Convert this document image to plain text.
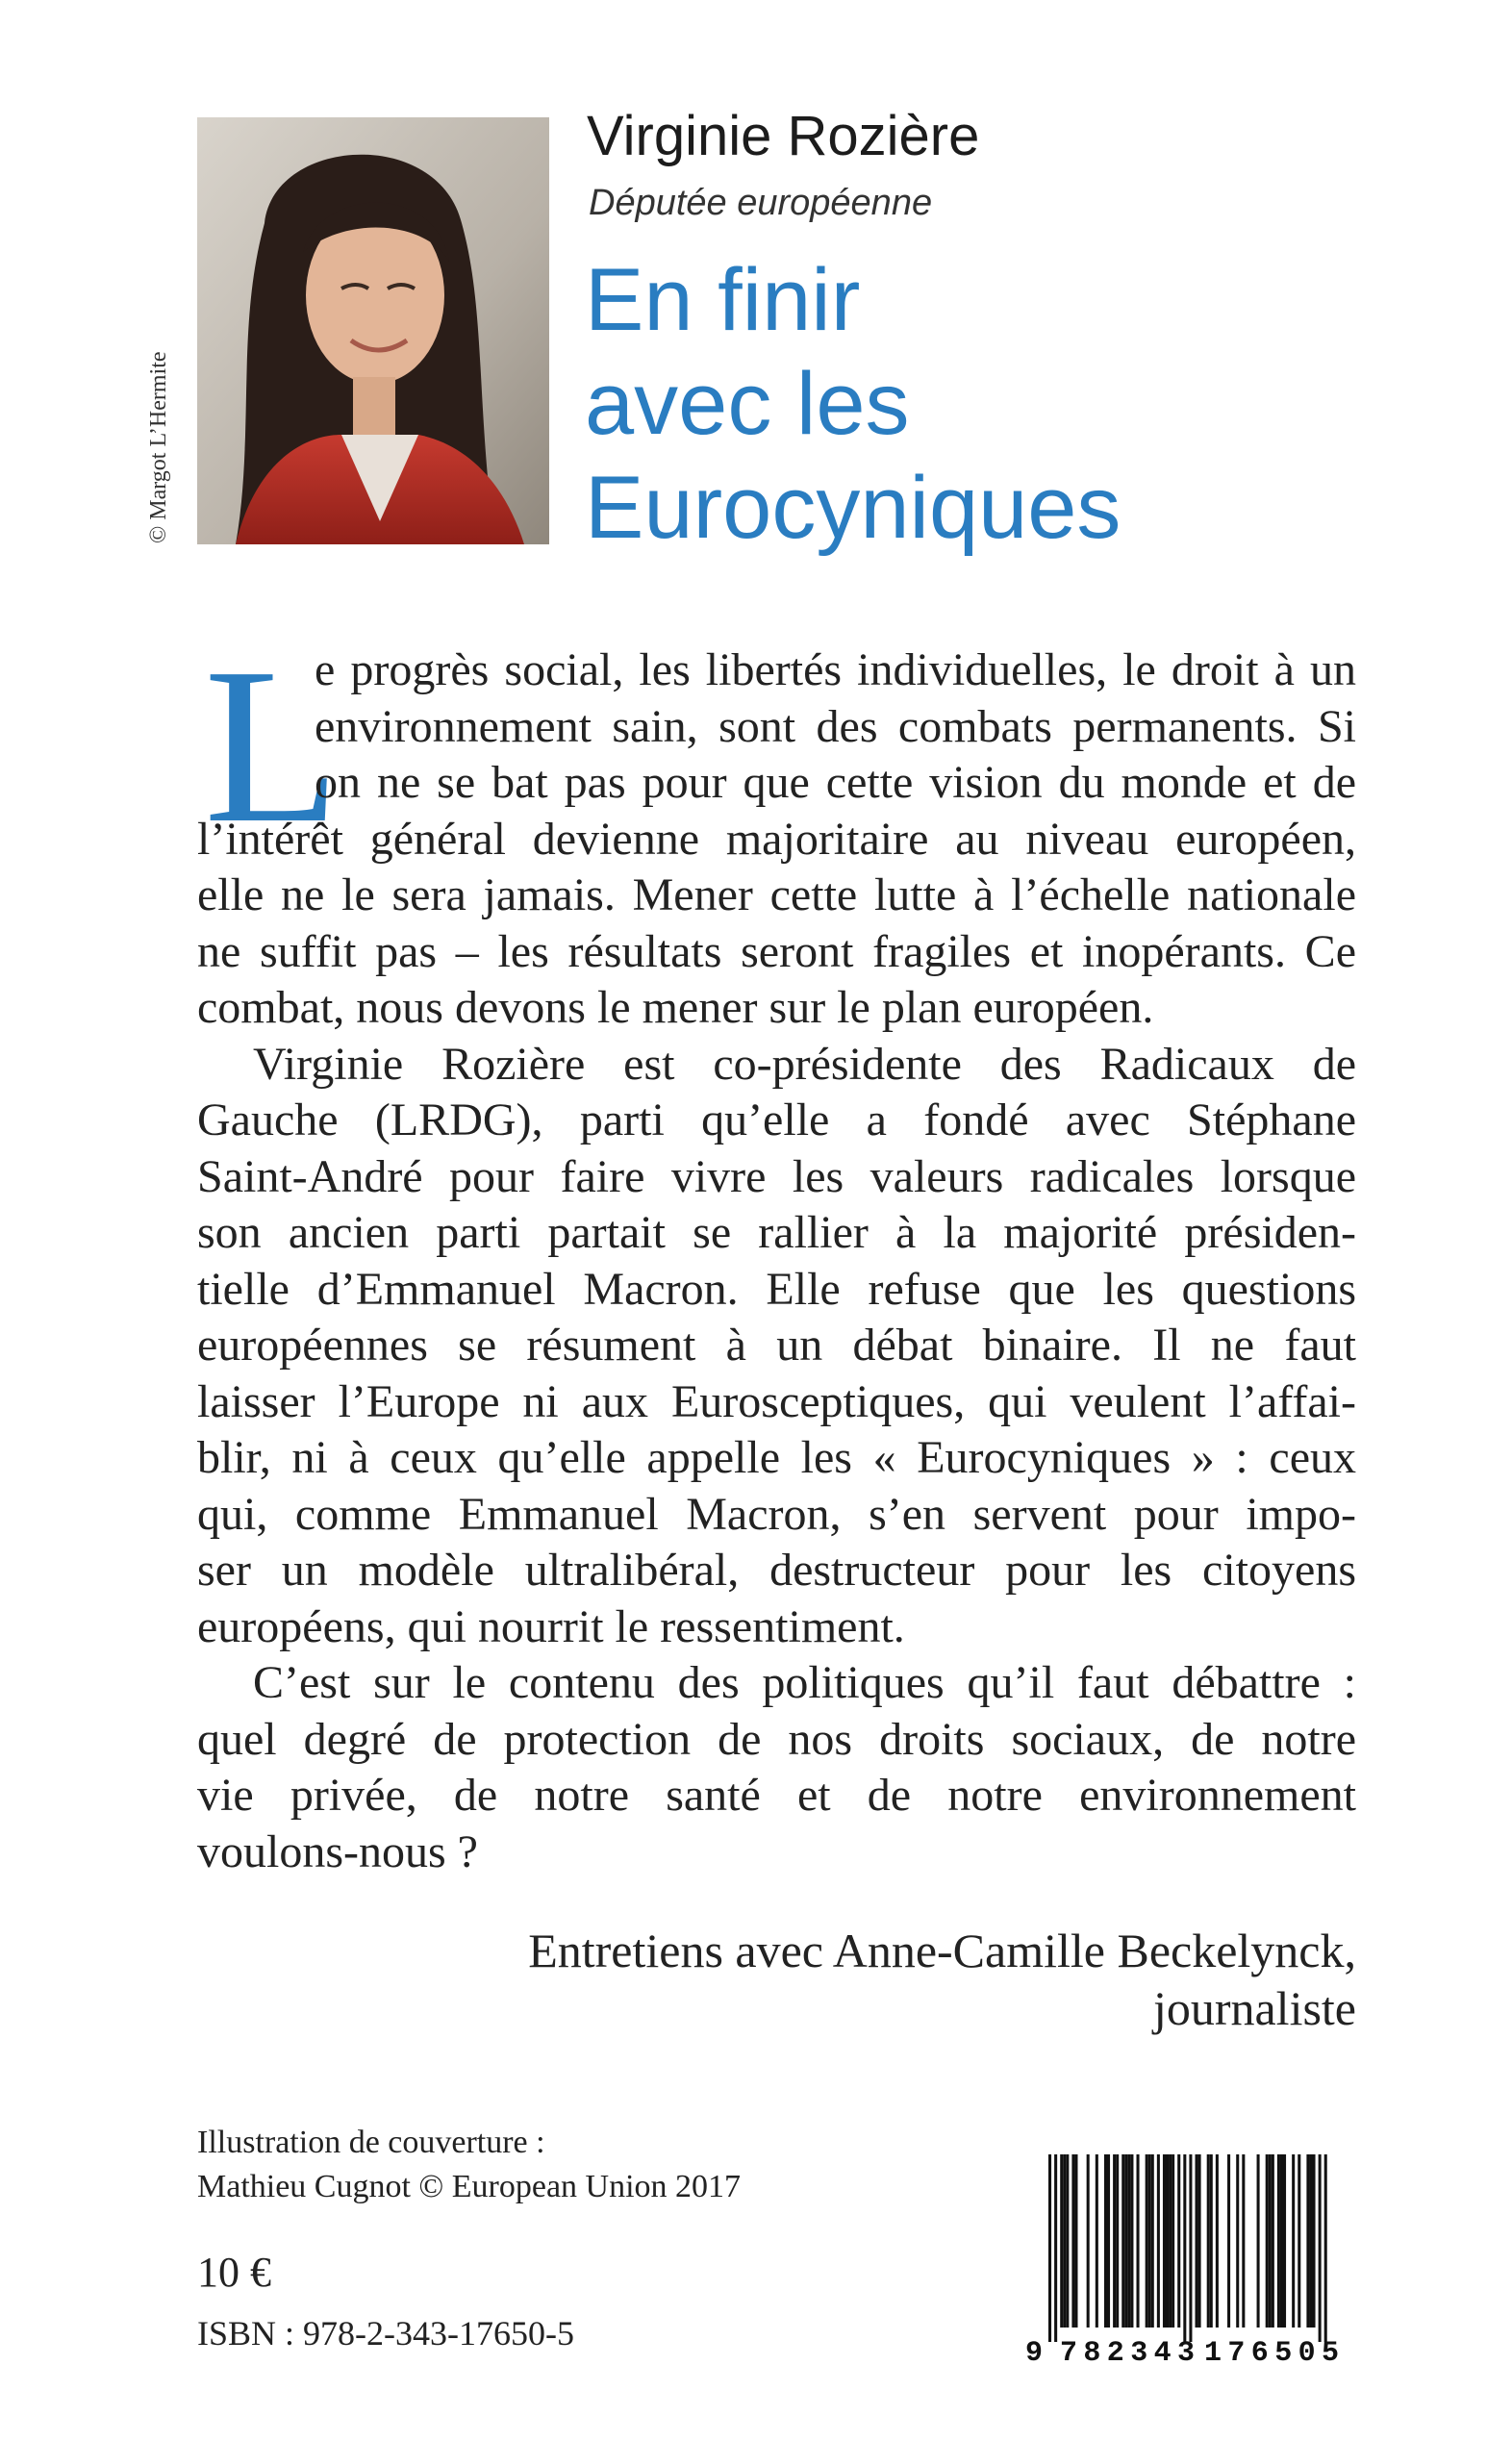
© Margot L’Hermite
Virginie Rozière
Députée européenne
En finir
avec les
Eurocyniques
L
e progrès social, les libertés individuelles, le droit à un
environnement sain, sont des combats permanents. Si
on ne se bat pas pour que cette vision du monde et de
l’intérêt général devienne majoritaire au niveau européen,
elle ne le sera jamais. Mener cette lutte à l’échelle nationale
ne suffit pas – les résultats seront fragiles et inopérants. Ce
combat, nous devons le mener sur le plan européen.
Virginie Rozière est co-présidente des Radicaux de
Gauche (LRDG), parti qu’elle a fondé avec Stéphane
Saint-André pour faire vivre les valeurs radicales lorsque
son ancien parti partait se rallier à la majorité présiden-
tielle d’Emmanuel Macron. Elle refuse que les questions
européennes se résument à un débat binaire. Il ne faut
laisser l’Europe ni aux Eurosceptiques, qui veulent l’affai-
blir, ni à ceux qu’elle appelle les « Eurocyniques » : ceux
qui, comme Emmanuel Macron, s’en servent pour impo-
ser un modèle ultralibéral, destructeur pour les citoyens
européens, qui nourrit le ressentiment.
C’est sur le contenu des politiques qu’il faut débattre :
quel degré de protection de nos droits sociaux, de notre
vie privée, de notre santé et de notre environnement
voulons-nous ?
Entretiens avec Anne-Camille Beckelynck,
journaliste
Illustration de couverture :
Mathieu Cugnot © European Union 2017
10 €
ISBN : 978-2-343-17650-5
9 782343 176505
